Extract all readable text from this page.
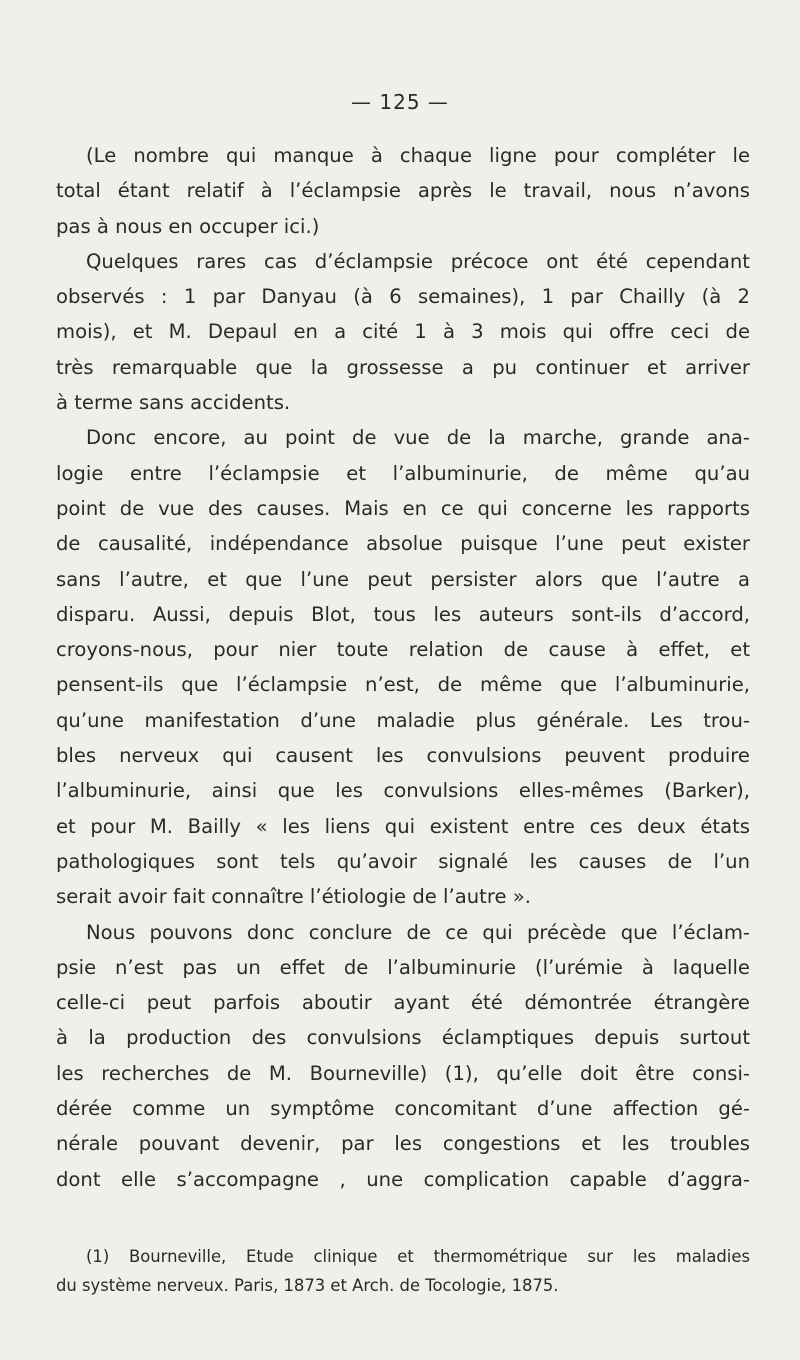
— 125 —
(Le nombre qui manque à chaque ligne pour compléter le
total étant relatif à l’éclampsie après le travail, nous n’avons
pas à nous en occuper ici.)
Quelques rares cas d’éclampsie précoce ont été cependant
observés : 1 par Danyau (à 6 semaines), 1 par Chailly (à 2
mois), et M. Depaul en a cité 1 à 3 mois qui offre ceci de
très remarquable que la grossesse a pu continuer et arriver
à terme sans accidents.
Donc encore, au point de vue de la marche, grande ana-
logie entre l’éclampsie et l’albuminurie, de même qu’au
point de vue des causes. Mais en ce qui concerne les rapports
de causalité, indépendance absolue puisque l’une peut exister
sans l’autre, et que l’une peut persister alors que l’autre a
disparu. Aussi, depuis Blot, tous les auteurs sont-ils d’accord,
croyons-nous, pour nier toute relation de cause à effet, et
pensent-ils que l’éclampsie n’est, de même que l’albuminurie,
qu’une manifestation d’une maladie plus générale. Les trou-
bles nerveux qui causent les convulsions peuvent produire
l’albuminurie, ainsi que les convulsions elles-mêmes (Barker),
et pour M. Bailly « les liens qui existent entre ces deux états
pathologiques sont tels qu’avoir signalé les causes de l’un
serait avoir fait connaître l’étiologie de l’autre ».
Nous pouvons donc conclure de ce qui précède que l’éclam-
psie n’est pas un effet de l’albuminurie (l’urémie à laquelle
celle-ci peut parfois aboutir ayant été démontrée étrangère
à la production des convulsions éclamptiques depuis surtout
les recherches de M. Bourneville) (1), qu’elle doit être consi-
dérée comme un symptôme concomitant d’une affection gé-
nérale pouvant devenir, par les congestions et les troubles
dont elle s’accompagne , une complication capable d’aggra-
(1) Bourneville, Etude clinique et thermométrique sur les maladies
du système nerveux. Paris, 1873 et Arch. de Tocologie, 1875.
